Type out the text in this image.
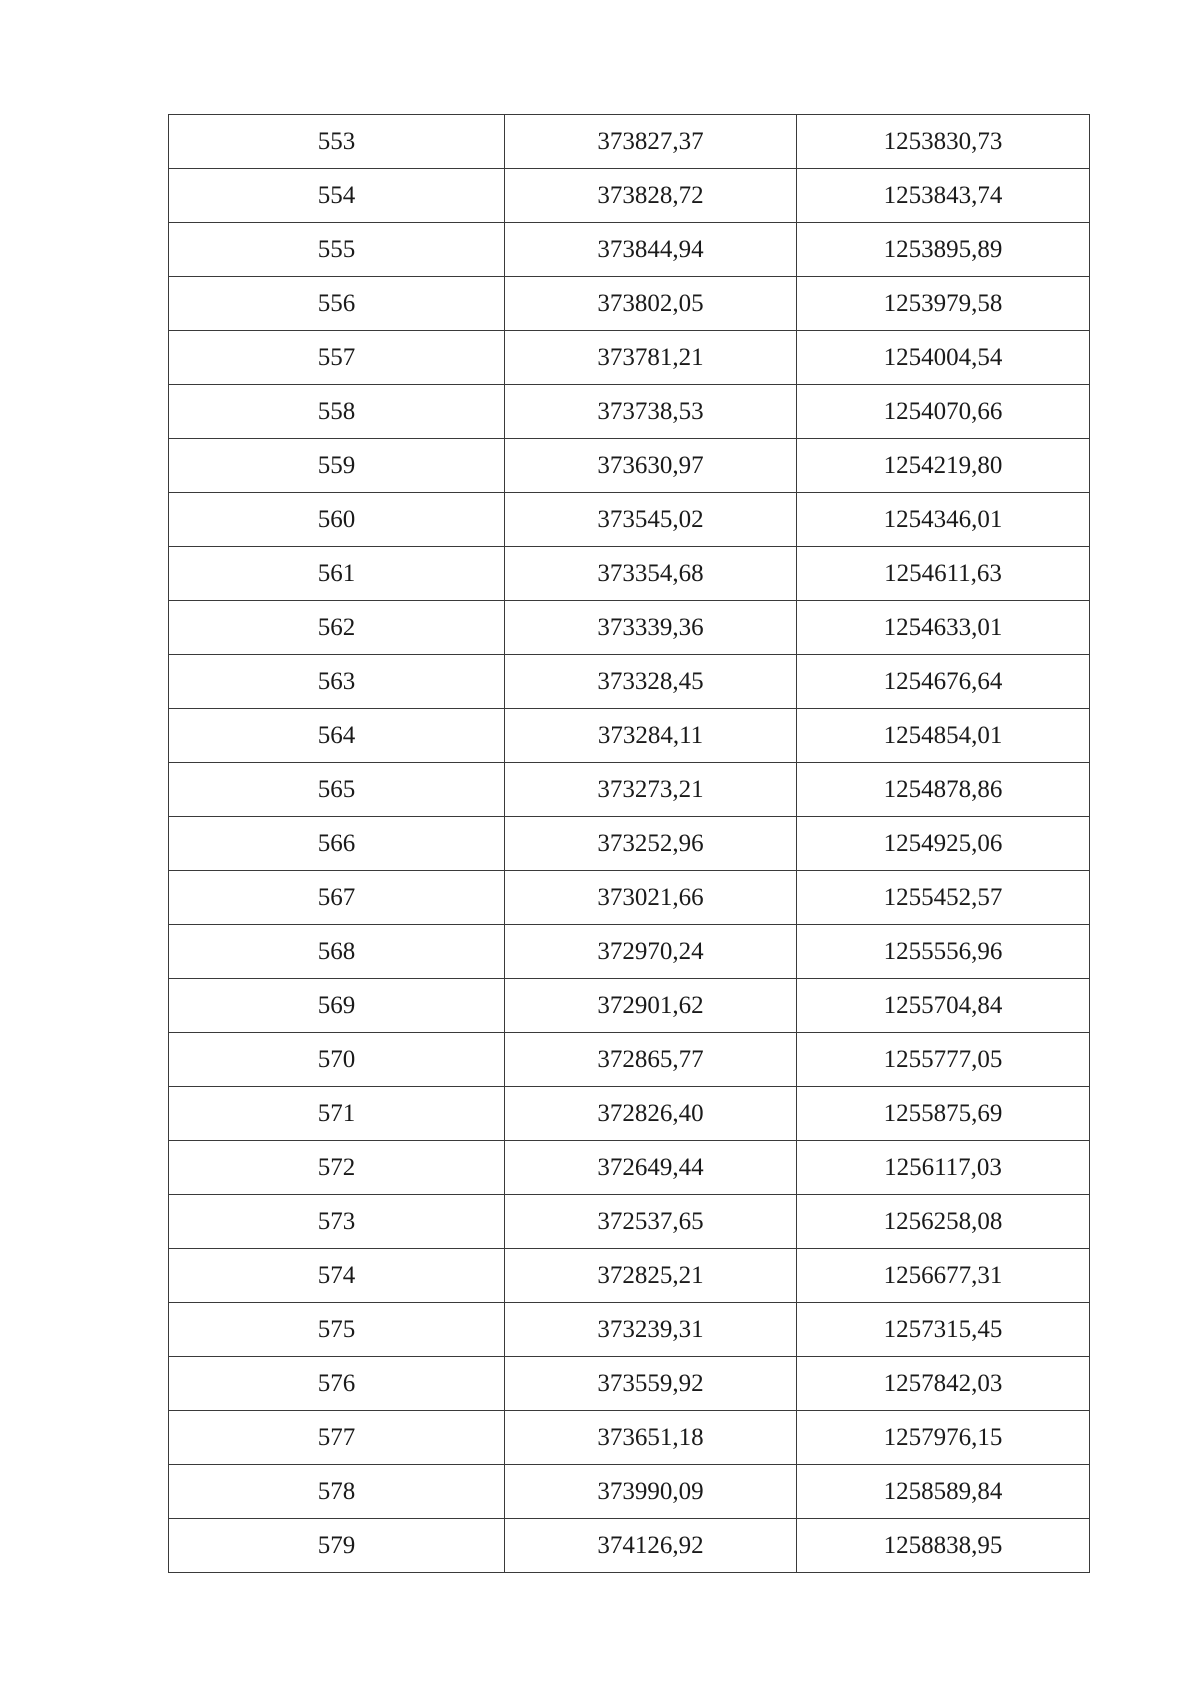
553	373827,37	1253830,73
554	373828,72	1253843,74
555	373844,94	1253895,89
556	373802,05	1253979,58
557	373781,21	1254004,54
558	373738,53	1254070,66
559	373630,97	1254219,80
560	373545,02	1254346,01
561	373354,68	1254611,63
562	373339,36	1254633,01
563	373328,45	1254676,64
564	373284,11	1254854,01
565	373273,21	1254878,86
566	373252,96	1254925,06
567	373021,66	1255452,57
568	372970,24	1255556,96
569	372901,62	1255704,84
570	372865,77	1255777,05
571	372826,40	1255875,69
572	372649,44	1256117,03
573	372537,65	1256258,08
574	372825,21	1256677,31
575	373239,31	1257315,45
576	373559,92	1257842,03
577	373651,18	1257976,15
578	373990,09	1258589,84
579	374126,92	1258838,95
